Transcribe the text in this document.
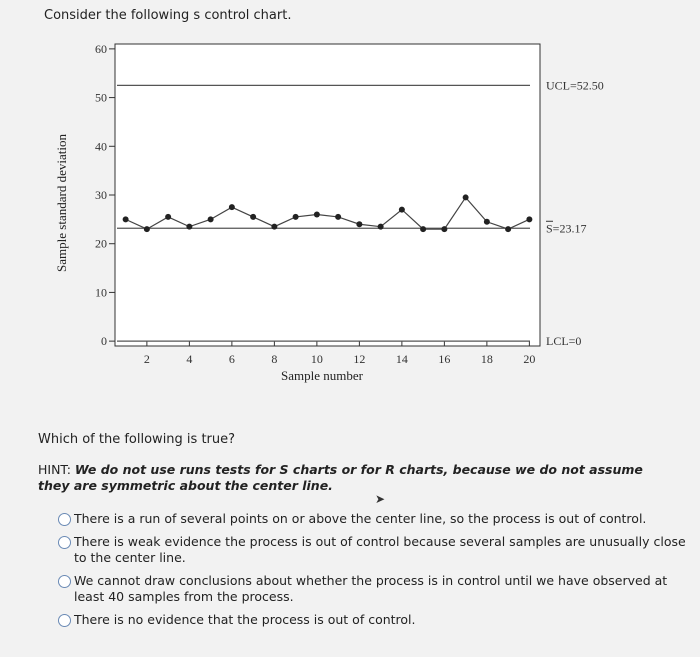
Consider the following s control chart.
0
10
20
30
40
50
60
2	4	6	8	10	12	14	16	18	20
Sample number
Sample standard deviation
UCL=52.50
S=23.17
LCL=0
Which of the following is true?
HINT: We do not use runs tests for S charts or for R charts, because we do not assume they are symmetric about the center line.
➤
There is a run of several points on or above the center line, so the process is out of control.
There is weak evidence the process is out of control because several samples are unusually close to the center line.
We cannot draw conclusions about whether the process is in control until we have observed at least 40 samples from the process.
There is no evidence that the process is out of control.
